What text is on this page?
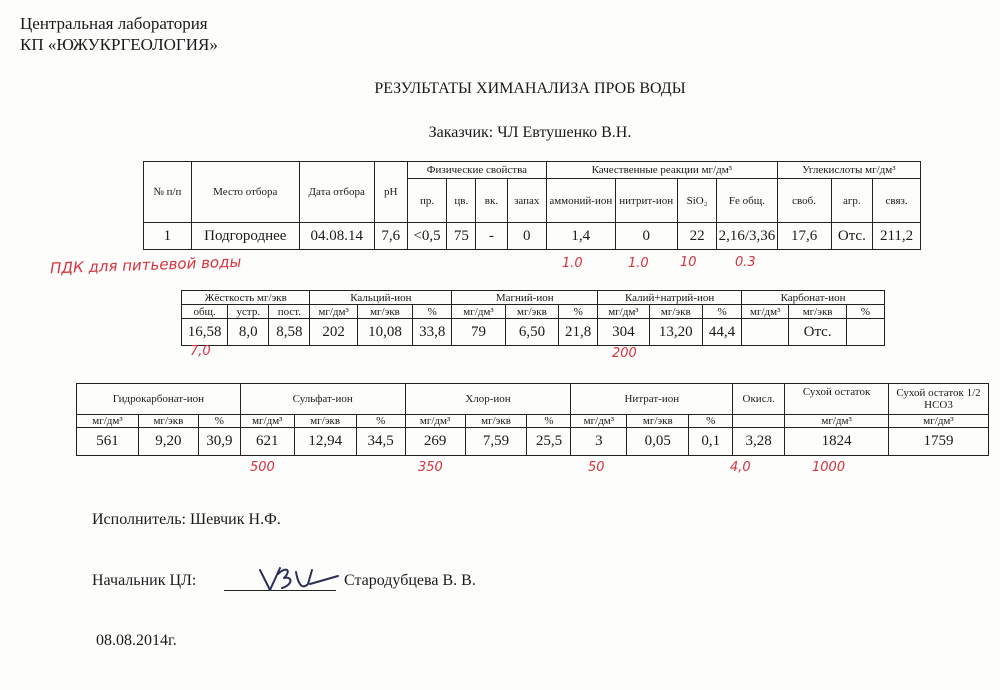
Центральная лаборатория
КП «ЮЖУКРГЕОЛОГИЯ»
РЕЗУЛЬТАТЫ ХИМАНАЛИЗА ПРОБ ВОДЫ
Заказчик: ЧЛ Евтушенко В.Н.
№ п/п	Место отбора	Дата отбора	pH	Физические свойства				Качественные реакции мг/дм³				Углекислоты мг/дм³		
				пр.	цв.	вк.	запах	аммоний-ион	нитрит-ион	SiO₂	Fe общ.	своб.	агр.	связ.
1	Подгороднее	04.08.14	7,6	<0,5	75	-	0	1,4	0	22	2,16/3,36	17,6	Отс.	211,2
ПДК для питьевой воды	1.0	1.0 10	0.3
Жёсткость мг/экв			Кальций-ион			Магний-ион			Калий+натрий-ион			Карбонат-ион		
общ.	устр.	пост.	мг/дм³	мг/экв	%	мг/дм³	мг/экв	%	мг/дм³	мг/экв	%	мг/дм³	мг/экв	%
16,58	8,0	8,58	202	10,08	33,8	79	6,50	21,8	304	13,20	44,4		Отс.	
7,0	200
Гидрокарбонат-ион			Сульфат-ион			Хлор-ион			Нитрат-ион			Окисл.	Сухой остаток	Сухой остаток 1/2 НСО3
мг/дм³	мг/экв	%	мг/дм³	мг/экв	%	мг/дм³	мг/экв	%	мг/дм³	мг/экв	%		мг/дм³	мг/дм³
561	9,20	30,9	621	12,94	34,5	269	7,59	25,5	3	0,05	0,1	3,28	1824	1759
500	350	50	4,0	1000
Исполнитель: Шевчик Н.Ф.
Начальник ЦЛ:	Стародубцева В. В.
08.08.2014г.
